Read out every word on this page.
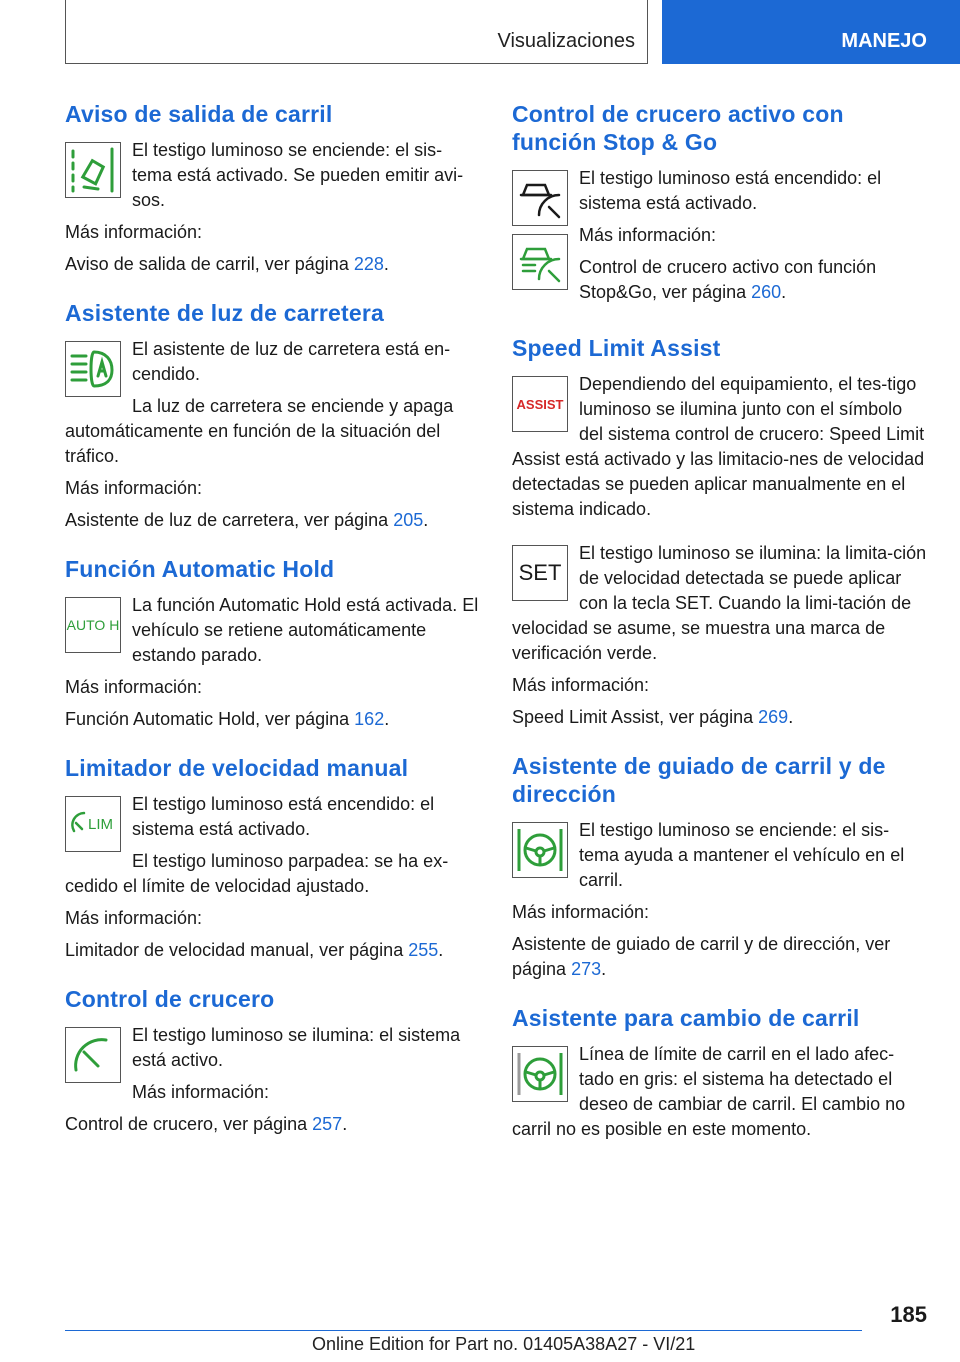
Visualizaciones	MANEJO
Aviso de salida de carril

El testigo luminoso se enciende: el sis-tema está activado. Se pueden emitir avi-sos.

Más información:

Aviso de salida de carril, ver página 228.

Asistente de luz de carretera

El asistente de luz de carretera está en-cendido.

La luz de carretera se enciende y apaga automáticamente en función de la situación del tráfico.

Más información:

Asistente de luz de carretera, ver página 205.

Función Automatic Hold
AUTO H

La función Automatic Hold está activada. El vehículo se retiene automáticamente estando parado.

Más información:

Función Automatic Hold, ver página 162.

Limitador de velocidad manual
LIM

El testigo luminoso está encendido: el sistema está activado.

El testigo luminoso parpadea: se ha ex-cedido el límite de velocidad ajustado.

Más información:

Limitador de velocidad manual, ver página 255.

Control de crucero

El testigo luminoso se ilumina: el sistema está activo.

Más información:

Control de crucero, ver página 257.

Control de crucero activo con función Stop & Go

El testigo luminoso está encendido: el sistema está activado.

Más información:

Control de crucero activo con función Stop&Go, ver página 260.

Speed Limit Assist
ASSIST

Dependiendo del equipamiento, el tes-tigo luminoso se ilumina junto con el símbolo del sistema control de crucero: Speed Limit Assist está activado y las limitacio-nes de velocidad detectadas se pueden aplicar manualmente en el sistema indicado.

SET

El testigo luminoso se ilumina: la limita-ción de velocidad detectada se puede aplicar con la tecla SET. Cuando la limi-tación de velocidad se asume, se muestra una marca de verificación verde.

Más información:

Speed Limit Assist, ver página 269.

Asistente de guiado de carril y de dirección

El testigo luminoso se enciende: el sis-tema ayuda a mantener el vehículo en el carril.

Más información:

Asistente de guiado de carril y de dirección, ver página 273.

Asistente para cambio de carril

Línea de límite de carril en el lado afec-tado en gris: el sistema ha detectado el deseo de cambiar de carril. El cambio no carril no es posible en este momento.

185
Online Edition for Part no. 01405A38A27 - VI/21
